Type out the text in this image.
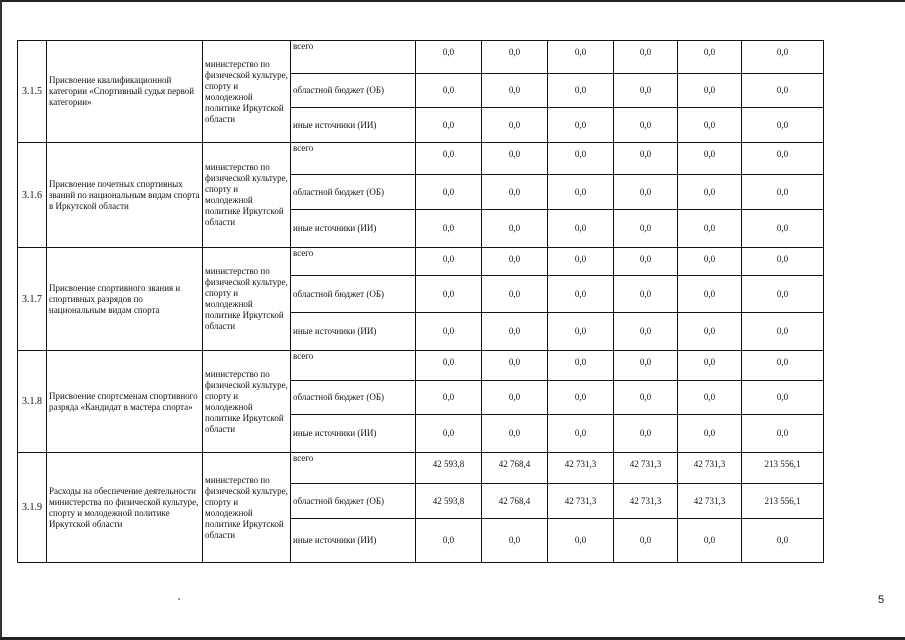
3.1.5	Присвоение квалификационной категории «Спортивный судья первой категории»	министерство по физической культуре, спорту и молодежной политике Иркутской области	всего	0,0	0,0	0,0	0,0	0,0	0,0
			областной бюджет (ОБ)	0,0	0,0	0,0	0,0	0,0	0,0
			иные источники (ИИ)	0,0	0,0	0,0	0,0	0,0	0,0
3.1.6	Присвоение почетных спортивных званий по национальным видам спорта в Иркутской области	министерство по физической культуре, спорту и молодежной политике Иркутской области	всего	0,0	0,0	0,0	0,0	0,0	0,0
			областной бюджет (ОБ)	0,0	0,0	0,0	0,0	0,0	0,0
			иные источники (ИИ)	0,0	0,0	0,0	0,0	0,0	0,0
3.1.7	Присвоение спортивного звания и спортивных разрядов по национальным видам спорта	министерство по физической культуре, спорту и молодежной политике Иркутской области	всего	0,0	0,0	0,0	0,0	0,0	0,0
			областной бюджет (ОБ)	0,0	0,0	0,0	0,0	0,0	0,0
			иные источники (ИИ)	0,0	0,0	0,0	0,0	0,0	0,0
3.1.8	Присвоение спортсменам спортивного разряда «Кандидат в мастера спорта»	министерство по физической культуре, спорту и молодежной политике Иркутской области	всего	0,0	0,0	0,0	0,0	0,0	0,0
			областной бюджет (ОБ)	0,0	0,0	0,0	0,0	0,0	0,0
			иные источники (ИИ)	0,0	0,0	0,0	0,0	0,0	0,0
3.1.9	Расходы на обеспечение деятельности министерства по физической культуре, спорту и молодежной политике Иркутской области	министерство по физической культуре, спорту и молодежной политике Иркутской области	всего	42 593,8	42 768,4	42 731,3	42 731,3	42 731,3	213 556,1
			областной бюджет (ОБ)	42 593,8	42 768,4	42 731,3	42 731,3	42 731,3	213 556,1
			иные источники (ИИ)	0,0	0,0	0,0	0,0	0,0	0,0
5
